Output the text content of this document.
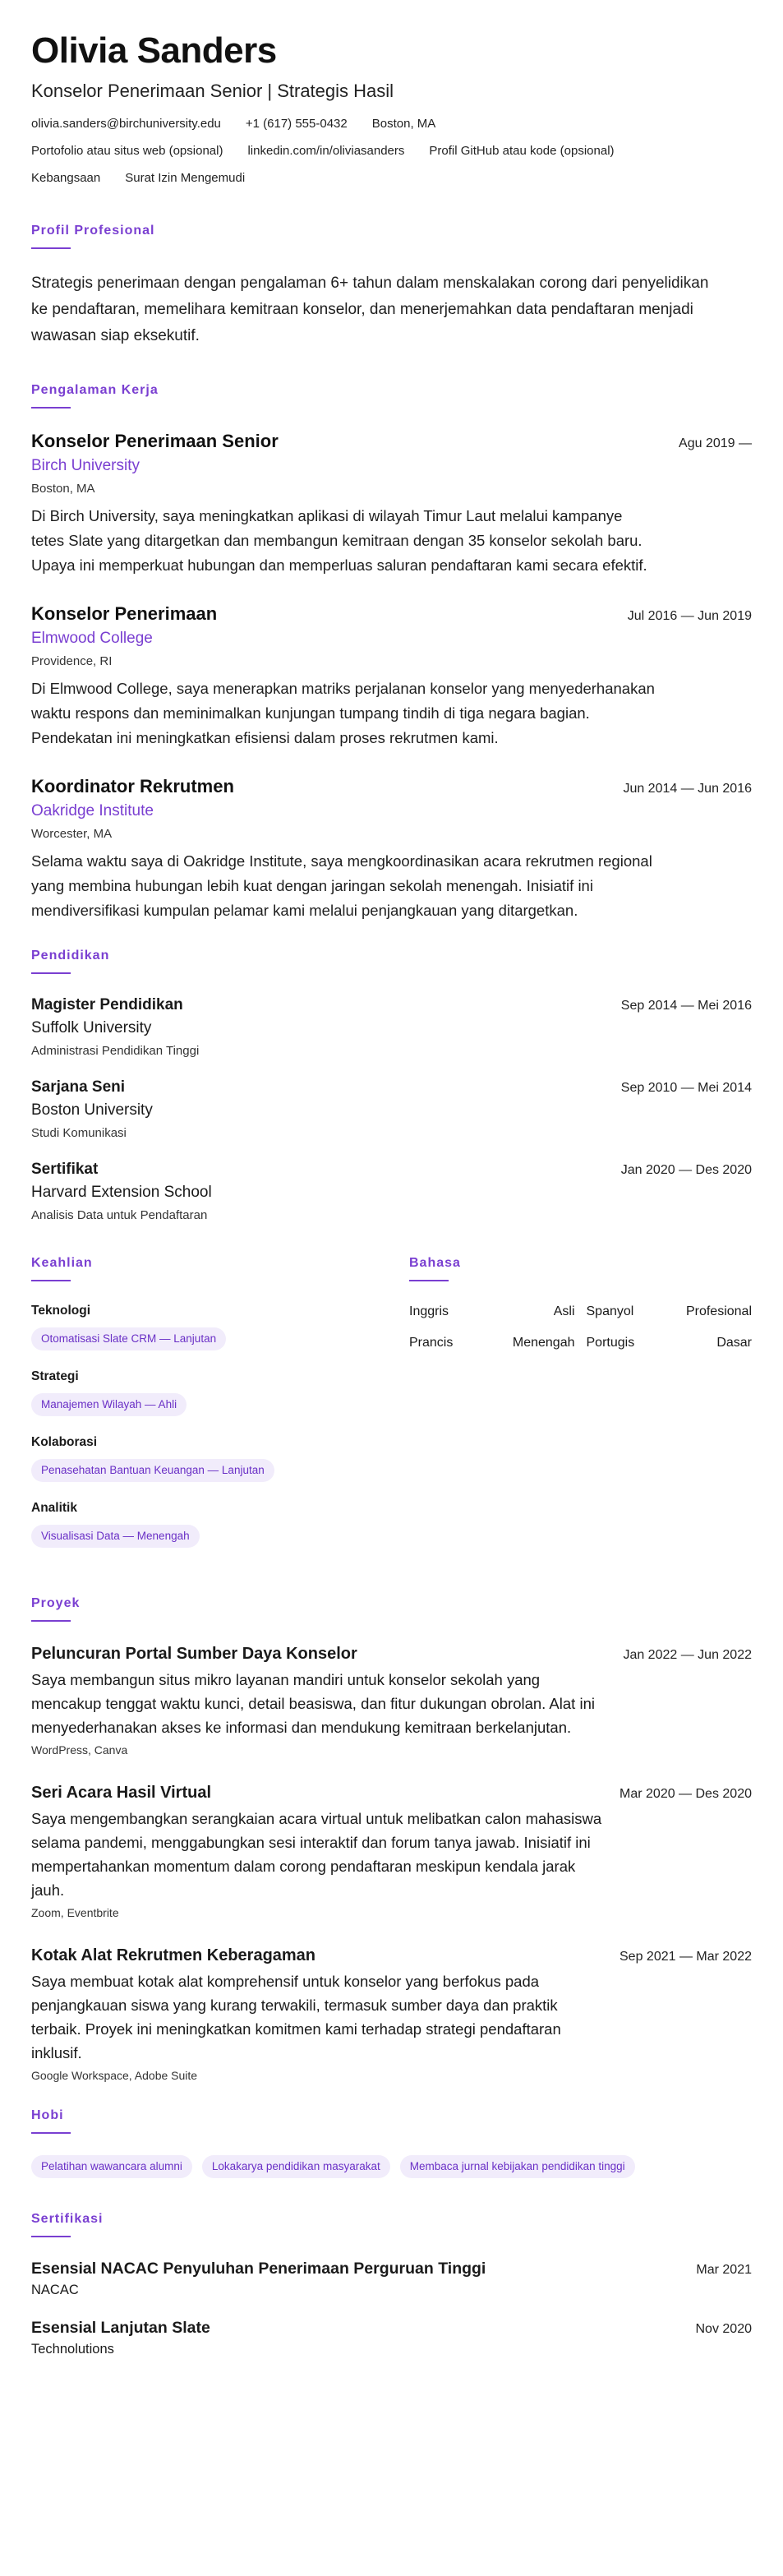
Olivia Sanders
Konselor Penerimaan Senior | Strategis Hasil
olivia.sanders@birchuniversity.edu +1 (617) 555-0432 Boston, MA
Portofolio atau situs web (opsional) linkedin.com/in/oliviasanders Profil GitHub atau kode (opsional)
Kebangsaan Surat Izin Mengemudi
Profil Profesional

Strategis penerimaan dengan pengalaman 6+ tahun dalam menskalakan corong dari penyelidikan ke pendaftaran, memelihara kemitraan konselor, dan menerjemahkan data pendaftaran menjadi wawasan siap eksekutif.

Pengalaman Kerja
Konselor Penerimaan Senior	Agu 2019 —
Birch University
Boston, MA

Di Birch University, saya meningkatkan aplikasi di wilayah Timur Laut melalui kampanye tetes Slate yang ditargetkan dan membangun kemitraan dengan 35 konselor sekolah baru. Upaya ini memperkuat hubungan dan memperluas saluran pendaftaran kami secara efektif.

Konselor Penerimaan	Jul 2016 — Jun 2019
Elmwood College
Providence, RI

Di Elmwood College, saya menerapkan matriks perjalanan konselor yang menyederhanakan waktu respons dan meminimalkan kunjungan tumpang tindih di tiga negara bagian. Pendekatan ini meningkatkan efisiensi dalam proses rekrutmen kami.

Koordinator Rekrutmen	Jun 2014 — Jun 2016
Oakridge Institute
Worcester, MA

Selama waktu saya di Oakridge Institute, saya mengkoordinasikan acara rekrutmen regional yang membina hubungan lebih kuat dengan jaringan sekolah menengah. Inisiatif ini mendiversifikasi kumpulan pelamar kami melalui penjangkauan yang ditargetkan.

Pendidikan
Magister Pendidikan	Sep 2014 — Mei 2016
Suffolk University
Administrasi Pendidikan Tinggi
Sarjana Seni	Sep 2010 — Mei 2014
Boston University
Studi Komunikasi
Sertifikat	Jan 2020 — Des 2020
Harvard Extension School
Analisis Data untuk Pendaftaran
Keahlian
Teknologi
Otomatisasi Slate CRM — Lanjutan
Strategi
Manajemen Wilayah — Ahli
Kolaborasi
Penasehatan Bantuan Keuangan — Lanjutan
Analitik
Visualisasi Data — Menengah
Bahasa
Inggris	Asli Spanyol	Profesional
Prancis	Menengah Portugis	Dasar
Proyek
Peluncuran Portal Sumber Daya Konselor	Jan 2022 — Jun 2022

Saya membangun situs mikro layanan mandiri untuk konselor sekolah yang mencakup tenggat waktu kunci, detail beasiswa, dan fitur dukungan obrolan. Alat ini menyederhanakan akses ke informasi dan mendukung kemitraan berkelanjutan.

WordPress, Canva
Seri Acara Hasil Virtual	Mar 2020 — Des 2020

Saya mengembangkan serangkaian acara virtual untuk melibatkan calon mahasiswa selama pandemi, menggabungkan sesi interaktif dan forum tanya jawab. Inisiatif ini mempertahankan momentum dalam corong pendaftaran meskipun kendala jarak jauh.

Zoom, Eventbrite
Kotak Alat Rekrutmen Keberagaman	Sep 2021 — Mar 2022

Saya membuat kotak alat komprehensif untuk konselor yang berfokus pada penjangkauan siswa yang kurang terwakili, termasuk sumber daya dan praktik terbaik. Proyek ini meningkatkan komitmen kami terhadap strategi pendaftaran inklusif.

Google Workspace, Adobe Suite
Hobi
Pelatihan wawancara alumni	Lokakarya pendidikan masyarakat	Membaca jurnal kebijakan pendidikan tinggi
Sertifikasi
Esensial NACAC Penyuluhan Penerimaan Perguruan Tinggi	Mar 2021
NACAC
Esensial Lanjutan Slate	Nov 2020
Technolutions
